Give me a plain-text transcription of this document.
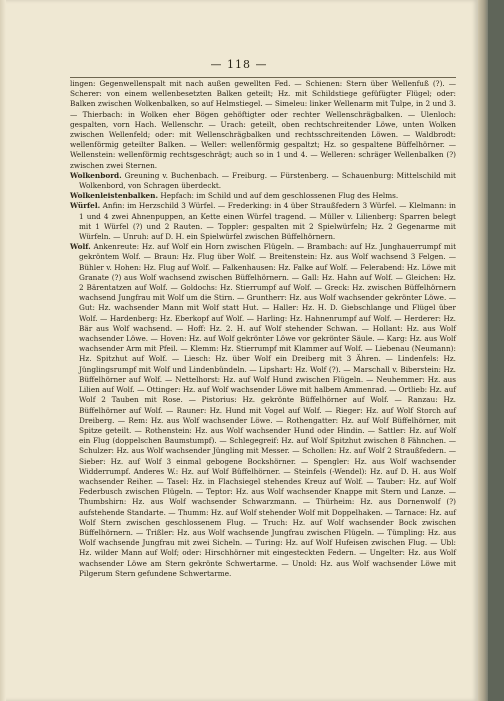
— 118 —

lingen: Gegenwellenspalt mit nach außen gewellten Fed. — Schienen: Stern über Wellenfuß (?). — Scherer: von einem wellenbesetzten Balken geteilt; Hz. mit Schildstiege gefüfügter Flügel; oder: Balken zwischen Wolkenbalken, so auf Helmstiegel. — Simeleu: linker Wellenarm mit Tulpe, in 2 und 3. — Thierbach: in Wolken eher Bögen gehöftigter oder rechter Wellenschrägbalken. — Ulenloch: gespalten, vorn Hach. Wellenschr. — Urach: geteilt, oben rechtschreitender Löwe, unten Wolken zwischen Wellenfeld; oder: mit Wellenschrägbalken und rechtsschreitenden Löwen. — Waldbrodt: wellenförmig geteilter Balken. — Weller: wellenförmig gespaltzt; Hz. so gespaltene Büffelhörner. — Wellenstein: wellenförmig rechtsgeschrägt; auch so in 1 und 4. — Welleren: schräger Wellenbalken (?) zwischen zwei Sternen.

Wolkenbord. Greuning v. Buchenbach. — Freiburg. — Fürstenberg. — Schauenburg: Mittelschild mit Wolkenbord, von Schragen überdeckt.

Wolkenleistenbalken. Hepfach: im Schild und auf dem geschlossenen Flug des Helms.

Würfel. Anfin: im Herzschild 3 Würfel. — Frederking: in 4 über Straußfedern 3 Würfel. — Klelmann: in 1 und 4 zwei Ahnenpuppen, an Kette einen Würfel tragend. — Müller v. Lilienberg: Sparren belegt mit 1 Würfel (?) und 2 Rauten. — Toppler: gespalten mit 2 Spielwürfeln; Hz. 2 Gegenarme mit Würfeln. — Unruh: auf D. H. ein Spielwürfel zwischen Büffelhörnern.

Wolf. Ankenreute: Hz. auf Wolf ein Horn zwischen Flügeln. — Brambach: auf Hz. Junghauerrumpf mit gekröntem Wolf. — Braun: Hz. Flug über Wolf. — Breitenstein: Hz. aus Wolf wachsend 3 Felgen. — Bühler v. Hohen: Hz. Flug auf Wolf. — Falkenhausen: Hz. Falke auf Wolf. — Felerabend: Hz. Löwe mit Granate (?) aus Wolf wachsend zwischen Büffelhörnern. — Gall: Hz. Hahn auf Wolf. — Gleichen: Hz. 2 Bärentatzen auf Wolf. — Goldochs: Hz. Stierrumpf auf Wolf. — Greck: Hz. zwischen Büffelhörnern wachsend Jungfrau mit Wolf um die Stirn. — Gruntherr: Hz. aus Wolf wachsender gekrönter Löwe. — Gut: Hz. wachsender Mann mit Wolf statt Hut. — Haller: Hz. H. D. Giebschlange und Flügel über Wolf. — Hardenberg: Hz. Eberkopf auf Wolf. — Harling: Hz. Hahnenrumpf auf Wolf. — Herderer: Hz. Bär aus Wolf wachsend. — Hoff: Hz. 2. H. auf Wolf stehender Schwan. — Hollant: Hz. aus Wolf wachsender Löwe. — Hoven: Hz. auf Wolf gekrönter Löwe vor gekrönter Säule. — Karg: Hz. aus Wolf wachsender Arm mit Pfeil. — Klemm: Hz. Stierrumpf mit Klammer auf Wolf. — Liebenau (Neumann): Hz. Spitzhut auf Wolf. — Liesch: Hz. über Wolf ein Dreiberg mit 3 Ähren. — Lindenfels: Hz. Jünglingsrumpf mit Wolf und Lindenbündeln. — Lipshart: Hz. Wolf (?). — Marschall v. Biberstein: Hz. Büffelhörner auf Wolf. — Nettelhorst: Hz. auf Wolf Hund zwischen Flügeln. — Neuhemmer: Hz. aus Lilien auf Wolf. — Ottinger: Hz. auf Wolf wachsender Löwe mit halbem Ammenrad. — Ortlieb: Hz. auf Wolf 2 Tauben mit Rose. — Pistorius: Hz. gekrönte Büffelhörner auf Wolf. — Ranzau: Hz. Büffelhörner auf Wolf. — Rauner: Hz. Hund mit Vogel auf Wolf. — Rieger: Hz. auf Wolf Storch auf Dreiberg. — Rem: Hz. aus Wolf wachsender Löwe. — Rothengatter: Hz. auf Wolf Büffelhörner, mit Spitze geteilt. — Rothenstein: Hz. aus Wolf wachsender Hund oder Hindin. — Sattler: Hz. auf Wolf ein Flug (doppelschen Baumstumpf). — Schlegegreif: Hz. auf Wolf Spitzhut zwischen 8 Fähnchen. — Schulzer: Hz. aus Wolf wachsender Jüngling mit Messer. — Schollen: Hz. auf Wolf 2 Straußfedern. — Sieber: Hz. auf Wolf 3 einmal gebogene Bockshörner. — Spengler: Hz. aus Wolf wachsender Widderrumpf. Anderes W.: Hz. auf Wolf Büffelhörner. — Steinfels (-Wendel): Hz. auf D. H. aus Wolf wachsender Reiher. — Tasel: Hz. in Flachsiegel stehendes Kreuz auf Wolf. — Tauber: Hz. auf Wolf Federbusch zwischen Flügeln. — Teptor: Hz. aus Wolf wachsender Knappe mit Stern und Lanze. — Thumbshirn: Hz. aus Wolf wachsender Schwarzmann. — Thürheim: Hz. aus Dornenwolf (?) aufstehende Standarte. — Thumm: Hz. auf Wolf stehender Wolf mit Doppelhaken. — Tarnace: Hz. auf Wolf Stern zwischen geschlossenem Flug. — Truch: Hz. auf Wolf wachsender Bock zwischen Büffelhörnern. — Trißler: Hz. aus Wolf wachsende Jungfrau zwischen Flügeln. — Tümpling: Hz. aus Wolf wachsende Jungfrau mit zwei Sicheln. — Turing: Hz. auf Wolf Hufeisen zwischen Flug. — Ubl: Hz. wilder Mann auf Wolf; oder: Hirschhörner mit eingesteckten Federn. — Ungelter: Hz. aus Wolf wachsender Löwe am Stern gekrönte Schwertarme. — Unold: Hz. aus Wolf wachsender Löwe mit Pilgerum Stern gefundene Schwertarme.
